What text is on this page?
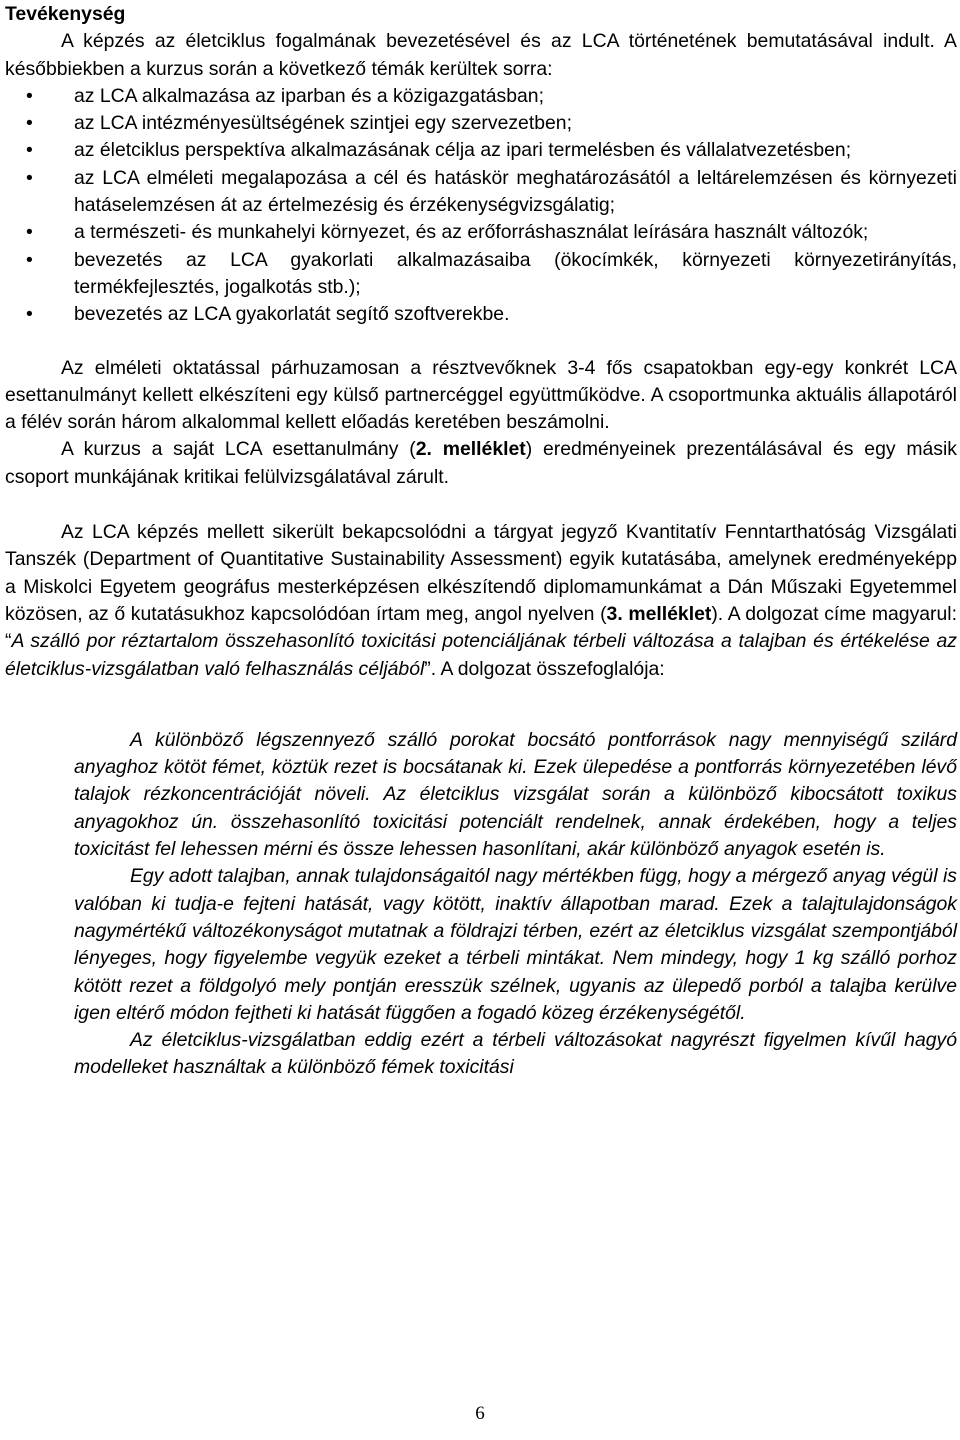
Tevékenység

A képzés az életciklus fogalmának bevezetésével és az LCA történetének bemutatásával indult. A későbbiekben a kurzus során a következő témák kerültek sorra:

• az LCA alkalmazása az iparban és a közigazgatásban;
• az LCA intézményesültségének szintjei egy szervezetben;
• az életciklus perspektíva alkalmazásának célja az ipari termelésben és vállalatvezetésben;
• az LCA elméleti megalapozása a cél és hatáskör meghatározásától a leltárelemzésen és környezeti hatáselemzésen át az értelmezésig és érzékenységvizsgálatig;
• a természeti- és munkahelyi környezet, és az erőforráshasználat leírására használt változók;
• bevezetés az LCA gyakorlati alkalmazásaiba (ökocímkék, környezeti környezetirányítás, termékfejlesztés, jogalkotás stb.);
• bevezetés az LCA gyakorlatát segítő szoftverekbe.

Az elméleti oktatással párhuzamosan a résztvevőknek 3-4 fős csapatokban egy-egy konkrét LCA esettanulmányt kellett elkészíteni egy külső partnercéggel együttműködve. A csoportmunka aktuális állapotáról a félév során három alkalommal kellett előadás keretében beszámolni.

A kurzus a saját LCA esettanulmány (2. melléklet) eredményeinek prezentálásával és egy másik csoport munkájának kritikai felülvizsgálatával zárult.

Az LCA képzés mellett sikerült bekapcsolódni a tárgyat jegyző Kvantitatív Fenntarthatóság Vizsgálati Tanszék (Department of Quantitative Sustainability Assessment) egyik kutatásába, amelynek eredményeképp a Miskolci Egyetem geográfus mesterképzésen elkészítendő diplomamunkámat a Dán Műszaki Egyetemmel közösen, az ő kutatásukhoz kapcsolódóan írtam meg, angol nyelven (3. melléklet). A dolgozat címe magyarul: “A szálló por réztartalom összehasonlító toxicitási potenciáljának térbeli változása a talajban és értékelése az életciklus-vizsgálatban való felhasználás céljából”. A dolgozat összefoglalója:

A különböző légszennyező szálló porokat bocsátó pontforrások nagy mennyiségű szilárd anyaghoz kötöt fémet, köztük rezet is bocsátanak ki. Ezek ülepedése a pontforrás környezetében lévő talajok rézkoncentrációját növeli. Az életciklus vizsgálat során a különböző kibocsátott toxikus anyagokhoz ún. összehasonlító toxicitási potenciált rendelnek, annak érdekében, hogy a teljes toxicitást fel lehessen mérni és össze lehessen hasonlítani, akár különböző anyagok esetén is.

Egy adott talajban, annak tulajdonságaitól nagy mértékben függ, hogy a mérgező anyag végül is valóban ki tudja-e fejteni hatását, vagy kötött, inaktív állapotban marad. Ezek a talajtulajdonságok nagymértékű változékonyságot mutatnak a földrajzi térben, ezért az életciklus vizsgálat szempontjából lényeges, hogy figyelembe vegyük ezeket a térbeli mintákat. Nem mindegy, hogy 1 kg szálló porhoz kötött rezet a földgolyó mely pontján eresszük szélnek, ugyanis az ülepedő porból a talajba kerülve igen eltérő módon fejtheti ki hatását függően a fogadó közeg érzékenységétől.

Az életciklus-vizsgálatban eddig ezért a térbeli változásokat nagyrészt figyelmen kívűl hagyó modelleket használtak a különböző fémek toxicitási

6
